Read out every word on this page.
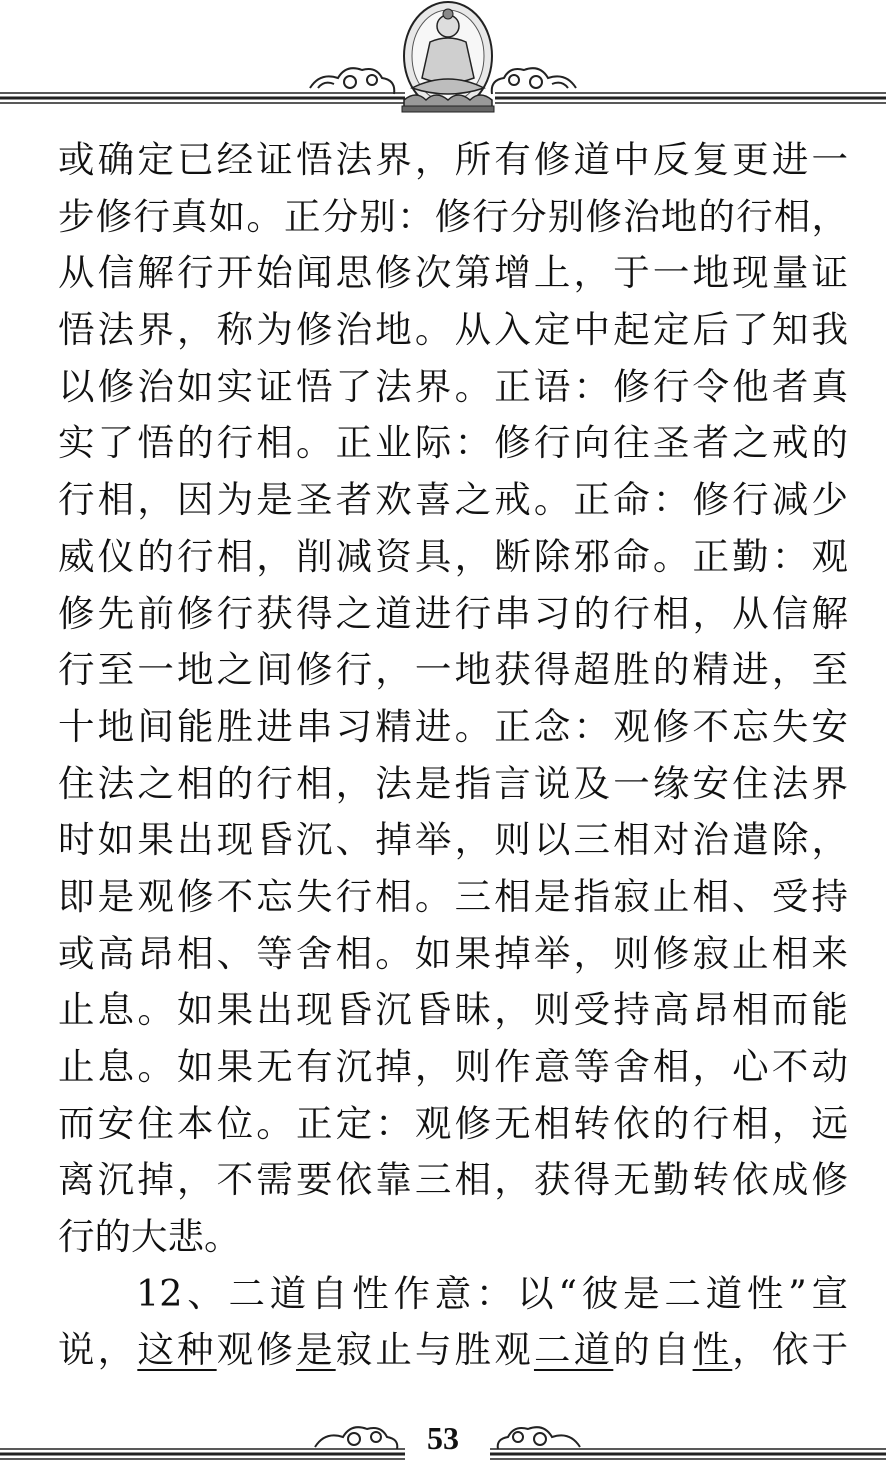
或确定已经证悟法界，所有修道中反复更进一
步修行真如。正分别：修行分别修治地的行相，
从信解行开始闻思修次第增上，于一地现量证
悟法界，称为修治地。从入定中起定后了知我
以修治如实证悟了法界。正语：修行令他者真
实了悟的行相。正业际：修行向往圣者之戒的
行相，因为是圣者欢喜之戒。正命：修行减少
威仪的行相，削减资具，断除邪命。正勤：观
修先前修行获得之道进行串习的行相，从信解
行至一地之间修行，一地获得超胜的精进，至
十地间能胜进串习精进。正念：观修不忘失安
住法之相的行相，法是指言说及一缘安住法界
时如果出现昏沉、掉举，则以三相对治遣除，
即是观修不忘失行相。三相是指寂止相、受持
或高昂相、等舍相。如果掉举，则修寂止相来
止息。如果出现昏沉昏昧，则受持高昂相而能
止息。如果无有沉掉，则作意等舍相，心不动
而安住本位。正定：观修无相转依的行相，远
离沉掉，不需要依靠三相，获得无勤转依成修
行的大悲。
12、二道自性作意：以“彼是二道性”宣
说，这种观修是寂止与胜观二道的自性，依于
53
